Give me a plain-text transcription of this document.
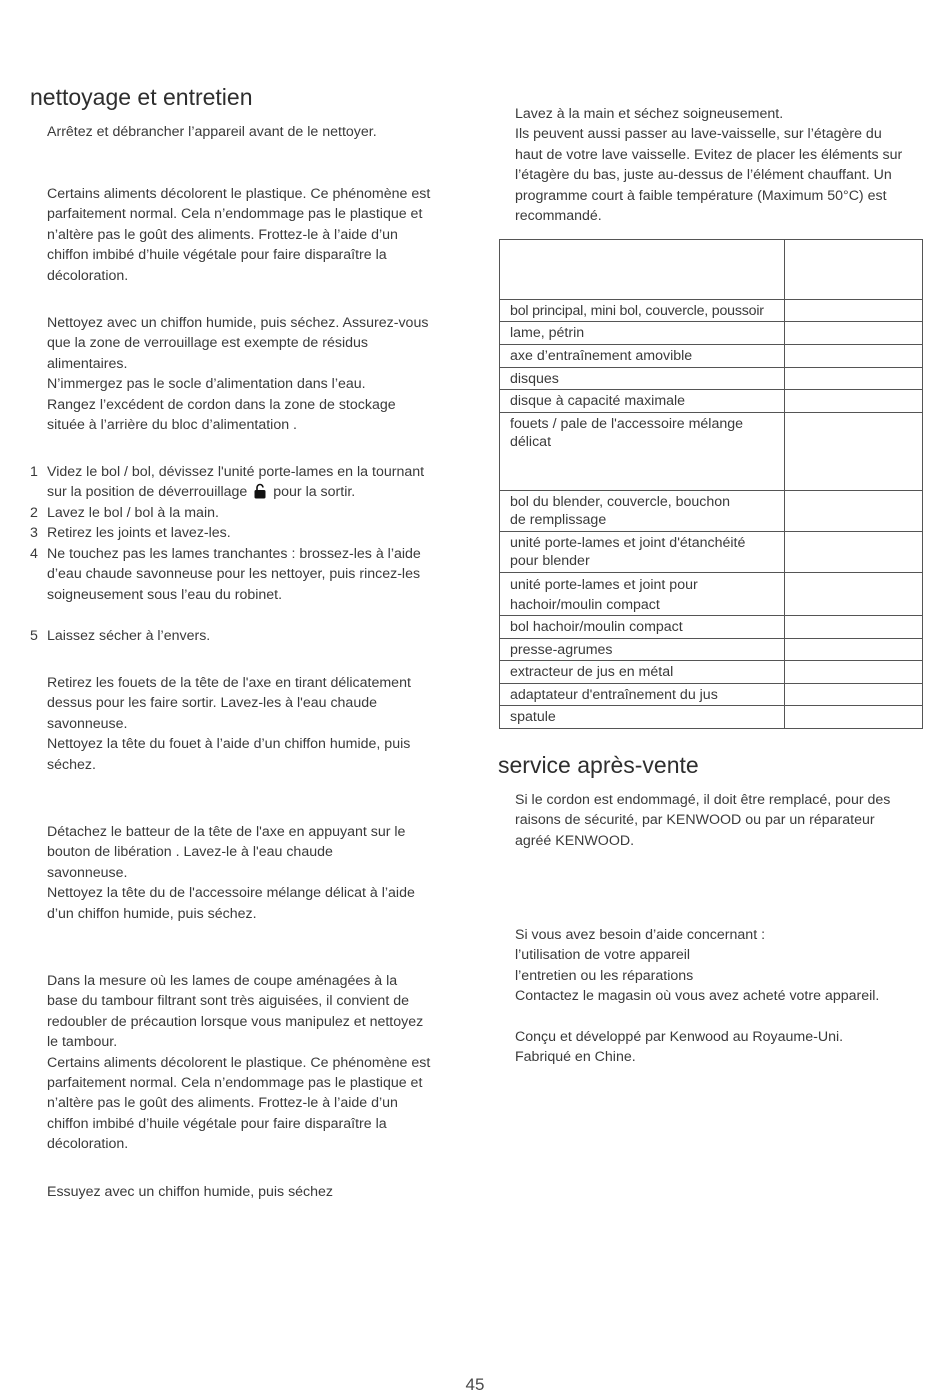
nettoyage et entretien
Arrêtez et débrancher l’appareil avant de le nettoyer.
Certains aliments décolorent le plastique. Ce phénomène est
parfaitement normal. Cela n’endommage pas le plastique et
n’altère pas le goût des aliments. Frottez-le à l’aide d’un
chiffon imbibé d’huile végétale pour faire disparaître la
décoloration.
Nettoyez avec un chiffon humide, puis séchez. Assurez-vous
que la zone de verrouillage est exempte de résidus
alimentaires.
N’immergez pas le socle d’alimentation dans l’eau.
Rangez l’excédent de cordon dans la zone de stockage
située à l’arrière du bloc d’alimentation .
1 Videz le bol / bol, dévissez l'unité porte-lames en la tournant
sur la position de déverrouillage pour la sortir.
2 Lavez le bol / bol à la main.
3 Retirez les joints et lavez-les.
4 Ne touchez pas les lames tranchantes : brossez-les à l’aide
d’eau chaude savonneuse pour les nettoyer, puis rincez-les
soigneusement sous l’eau du robinet.
5 Laissez sécher à l’envers.
Retirez les fouets de la tête de l'axe en tirant délicatement
dessus pour les faire sortir. Lavez-les à l'eau chaude
savonneuse.
Nettoyez la tête du fouet à l’aide d’un chiffon humide, puis
séchez.
Détachez le batteur de la tête de l'axe en appuyant sur le
bouton de libération . Lavez-le à l'eau chaude
savonneuse.
Nettoyez la tête du de l'accessoire mélange délicat à l’aide
d’un chiffon humide, puis séchez.
Dans la mesure où les lames de coupe aménagées à la
base du tambour filtrant sont très aiguisées, il convient de
redoubler de précaution lorsque vous manipulez et nettoyez
le tambour.
Certains aliments décolorent le plastique. Ce phénomène est
parfaitement normal. Cela n’endommage pas le plastique et
n’altère pas le goût des aliments. Frottez-le à l’aide d’un
chiffon imbibé d’huile végétale pour faire disparaître la
décoloration.
Essuyez avec un chiffon humide, puis séchez
Lavez à la main et séchez soigneusement.
Ils peuvent aussi passer au lave-vaisselle, sur l’étagère du
haut de votre lave vaisselle. Evitez de placer les éléments sur
l’étagère du bas, juste au-dessus de l’élément chauffant. Un
programme court à faible température (Maximum 50°C) est
recommandé.

bol principal, mini bol, couvercle, poussoir	
lame, pétrin	
axe d’entraînement amovible	
disques	
disque à capacité maximale	
fouets / pale de l'accessoire mélange
délicat	
bol du blender, couvercle, bouchon
de remplissage	
unité porte-lames et joint d'étanchéité
pour blender	
unité porte-lames et joint pour
hachoir/moulin compact	
bol hachoir/moulin compact	
presse-agrumes	
extracteur de jus en métal	
adaptateur d'entraînement du jus	
spatule	
service après-vente
Si le cordon est endommagé, il doit être remplacé, pour des
raisons de sécurité, par KENWOOD ou par un réparateur
agréé KENWOOD.
Si vous avez besoin d’aide concernant :
l’utilisation de votre appareil
l’entretien ou les réparations
Contactez le magasin où vous avez acheté votre appareil.
Conçu et développé par Kenwood au Royaume-Uni.
Fabriqué en Chine.
45
